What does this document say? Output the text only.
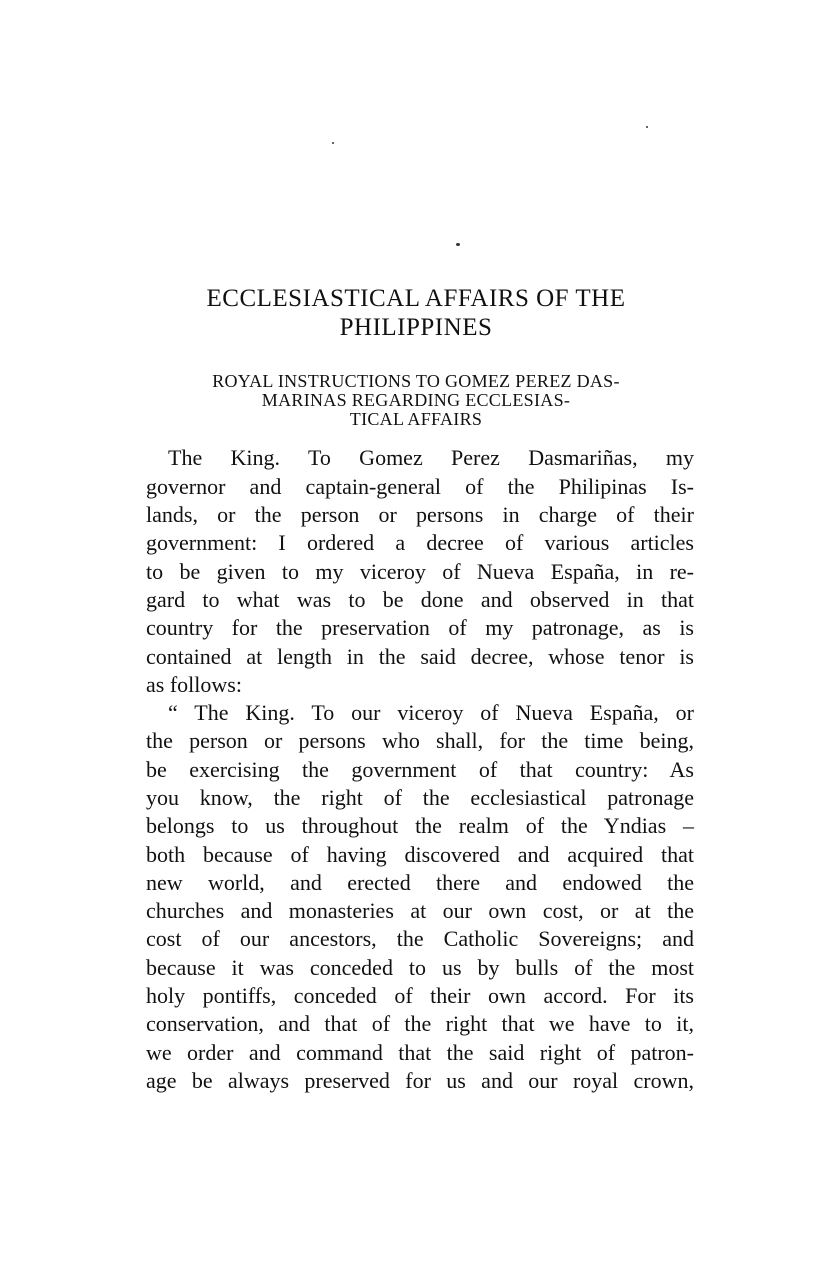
ECCLESIASTICAL AFFAIRS OF THE
PHILIPPINES
ROYAL INSTRUCTIONS TO GOMEZ PEREZ DAS-
MARINAS REGARDING ECCLESIAS-
TICAL AFFAIRS
The King. To Gomez Perez Dasmariñas, my
governor and captain-general of the Philipinas Is-
lands, or the person or persons in charge of their
government: I ordered a decree of various articles
to be given to my viceroy of Nueva España, in re-
gard to what was to be done and observed in that
country for the preservation of my patronage, as is
contained at length in the said decree, whose tenor is
as follows:
“ The King. To our viceroy of Nueva España, or
the person or persons who shall, for the time being,
be exercising the government of that country: As
you know, the right of the ecclesiastical patronage
belongs to us throughout the realm of the Yndias –
both because of having discovered and acquired that
new world, and erected there and endowed the
churches and monasteries at our own cost, or at the
cost of our ancestors, the Catholic Sovereigns; and
because it was conceded to us by bulls of the most
holy pontiffs, conceded of their own accord. For its
conservation, and that of the right that we have to it,
we order and command that the said right of patron-
age be always preserved for us and our royal crown,
